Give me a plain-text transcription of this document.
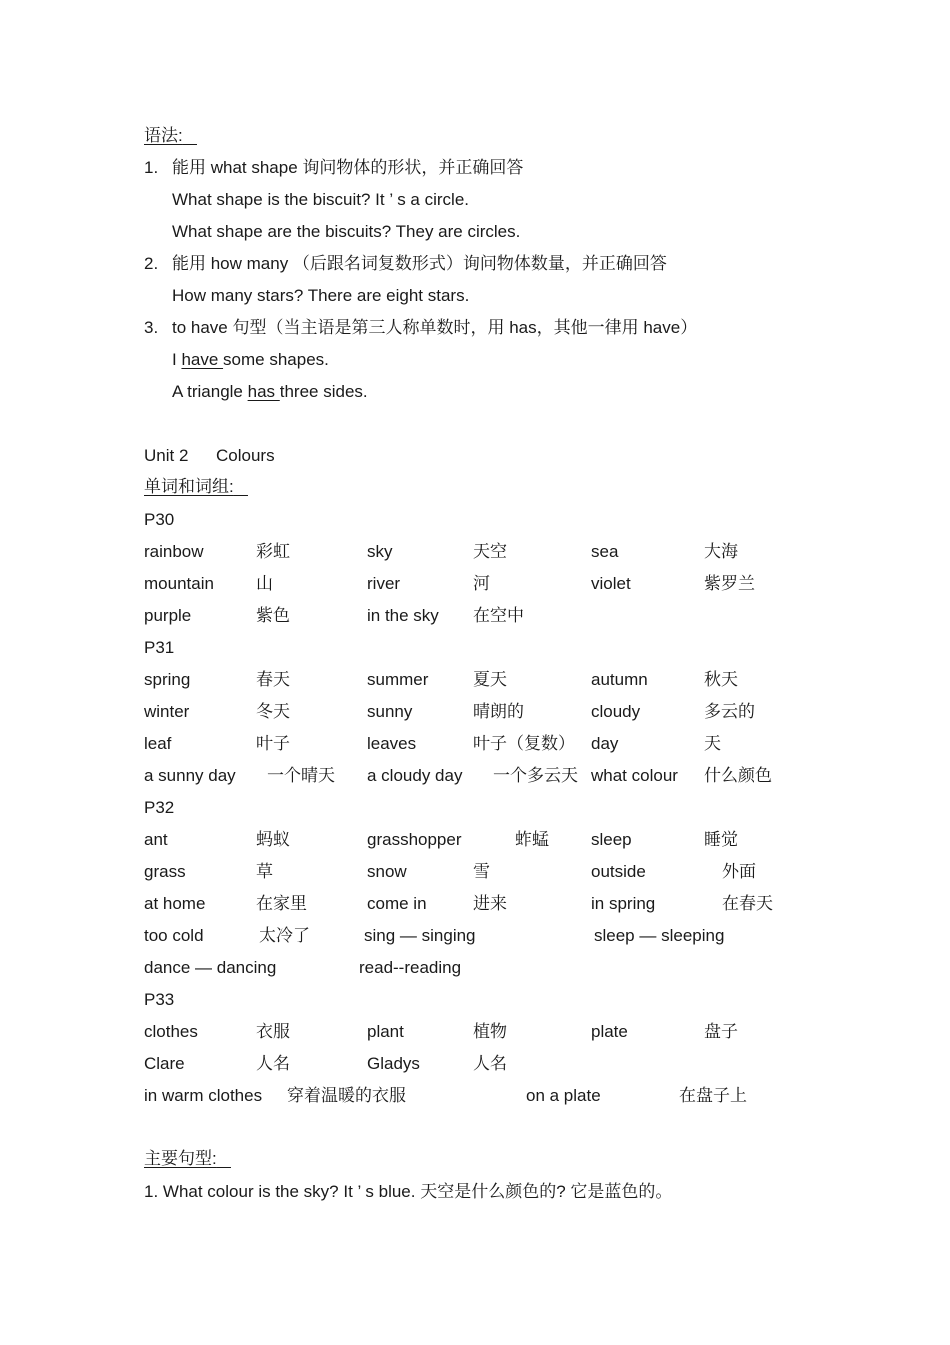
语法:
1. 能用 what shape 询问物体的形状，并正确回答
What shape is the biscuit? It ’ s a circle.
What shape are the biscuits? They are circles.
2. 能用 how many （后跟名词复数形式）询问物体数量，并正确回答
How many stars? There are eight stars.
3. to have 句型（当主语是第三人称单数时，用 has，其他一律用 have）
I have some shapes.
A triangle has three sides.
Unit 2 Colours
单词和词组:
P30
rainbow	彩虹	sky	天空	sea	大海
mountain 山	river	河	violet	紫罗兰
purple	紫色	in the sky 在空中
P31
spring	春天	summer	夏天	autumn	秋天
winter	冬天	sunny	晴朗的	cloudy	多云的
leaf	叶子	leaves	叶子（复数） day	天
a sunny day 一个晴天 a cloudy day 一个多云天 what colour 什么颜色
P32
ant	蚂蚁	grasshopper	蚱蜢 sleep	睡觉
grass	草	snow	雪	outside	外面
at home	在家里	come in	进来	in spring	在春天
too cold	太冷了	sing — singing	sleep — sleeping
dance — dancing	read--reading
P33
clothes	衣服	plant	植物	plate	盘子
Clare	人名	Gladys	人名
in warm clothes 穿着温暖的衣服	on a plate	在盘子上
主要句型:
1. What colour is the sky? It ’ s blue. 天空是什么颜色的? 它是蓝色的。
